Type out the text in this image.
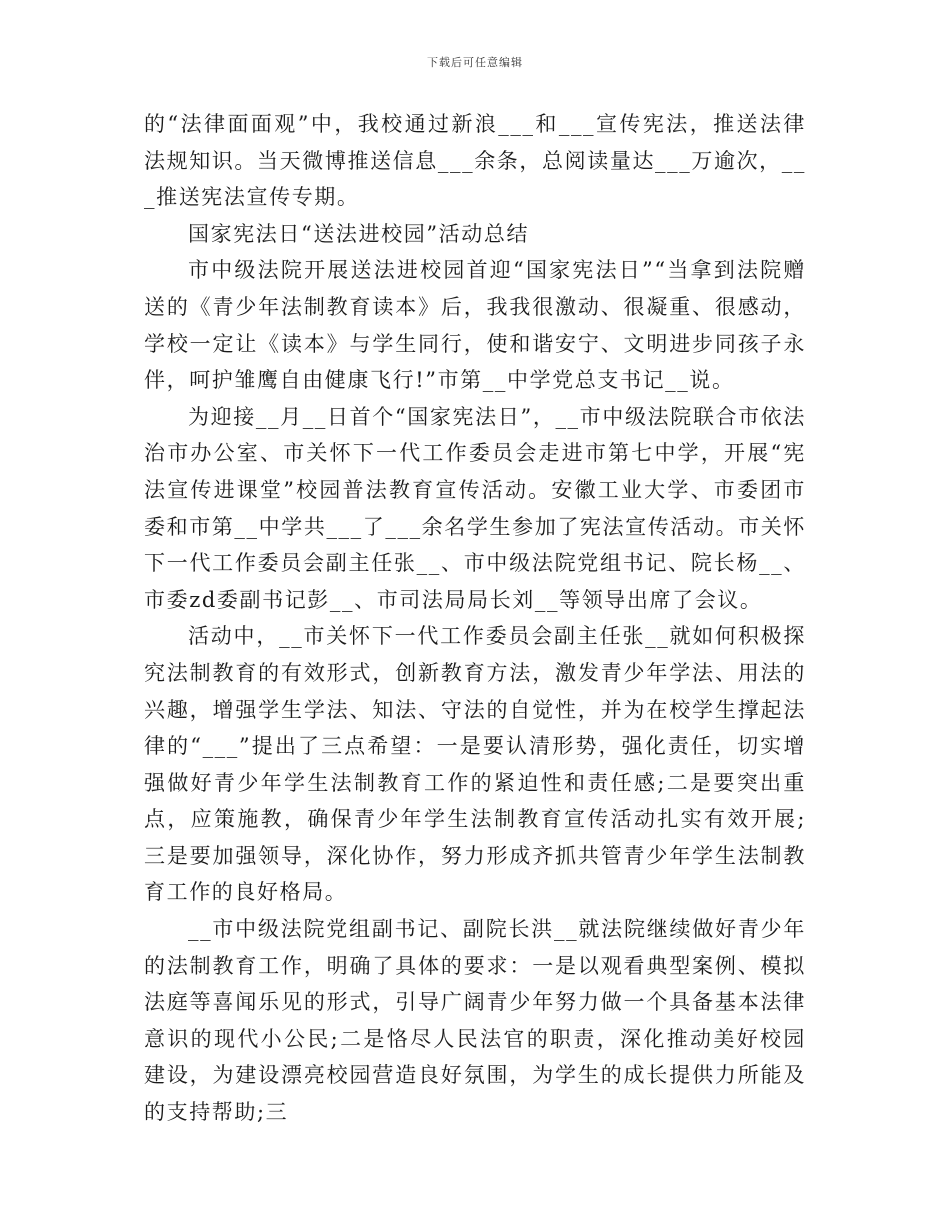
下载后可任意编辑

的“法律面面观”中，我校通过新浪___和___宣传宪法，推送法律法规知识。当天微博推送信息___余条，总阅读量达___万逾次，___推送宪法宣传专期。

国家宪法日“送法进校园”活动总结

市中级法院开展送法进校园首迎“国家宪法日”“当拿到法院赠送的《青少年法制教育读本》后，我我很激动、很凝重、很感动，学校一定让《读本》与学生同行，使和谐安宁、文明进步同孩子永伴，呵护雏鹰自由健康飞行!”市第__中学党总支书记__说。

为迎接__月__日首个“国家宪法日”，__市中级法院联合市依法治市办公室、市关怀下一代工作委员会走进市第七中学，开展“宪法宣传进课堂”校园普法教育宣传活动。安徽工业大学、市委团市委和市第__中学共___了___余名学生参加了宪法宣传活动。市关怀下一代工作委员会副主任张__、市中级法院党组书记、院长杨__、市委zd委副书记彭__、市司法局局长刘__等领导出席了会议。

活动中，__市关怀下一代工作委员会副主任张__就如何积极探究法制教育的有效形式，创新教育方法，激发青少年学法、用法的兴趣，增强学生学法、知法、守法的自觉性，并为在校学生撑起法律的“___”提出了三点希望：一是要认清形势，强化责任，切实增强做好青少年学生法制教育工作的紧迫性和责任感;二是要突出重点，应策施教，确保青少年学生法制教育宣传活动扎实有效开展;三是要加强领导，深化协作，努力形成齐抓共管青少年学生法制教育工作的良好格局。

__市中级法院党组副书记、副院长洪__就法院继续做好青少年的法制教育工作，明确了具体的要求：一是以观看典型案例、模拟法庭等喜闻乐见的形式，引导广阔青少年努力做一个具备基本法律意识的现代小公民;二是恪尽人民法官的职责，深化推动美好校园建设，为建设漂亮校园营造良好氛围，为学生的成长提供力所能及的支持帮助;三
